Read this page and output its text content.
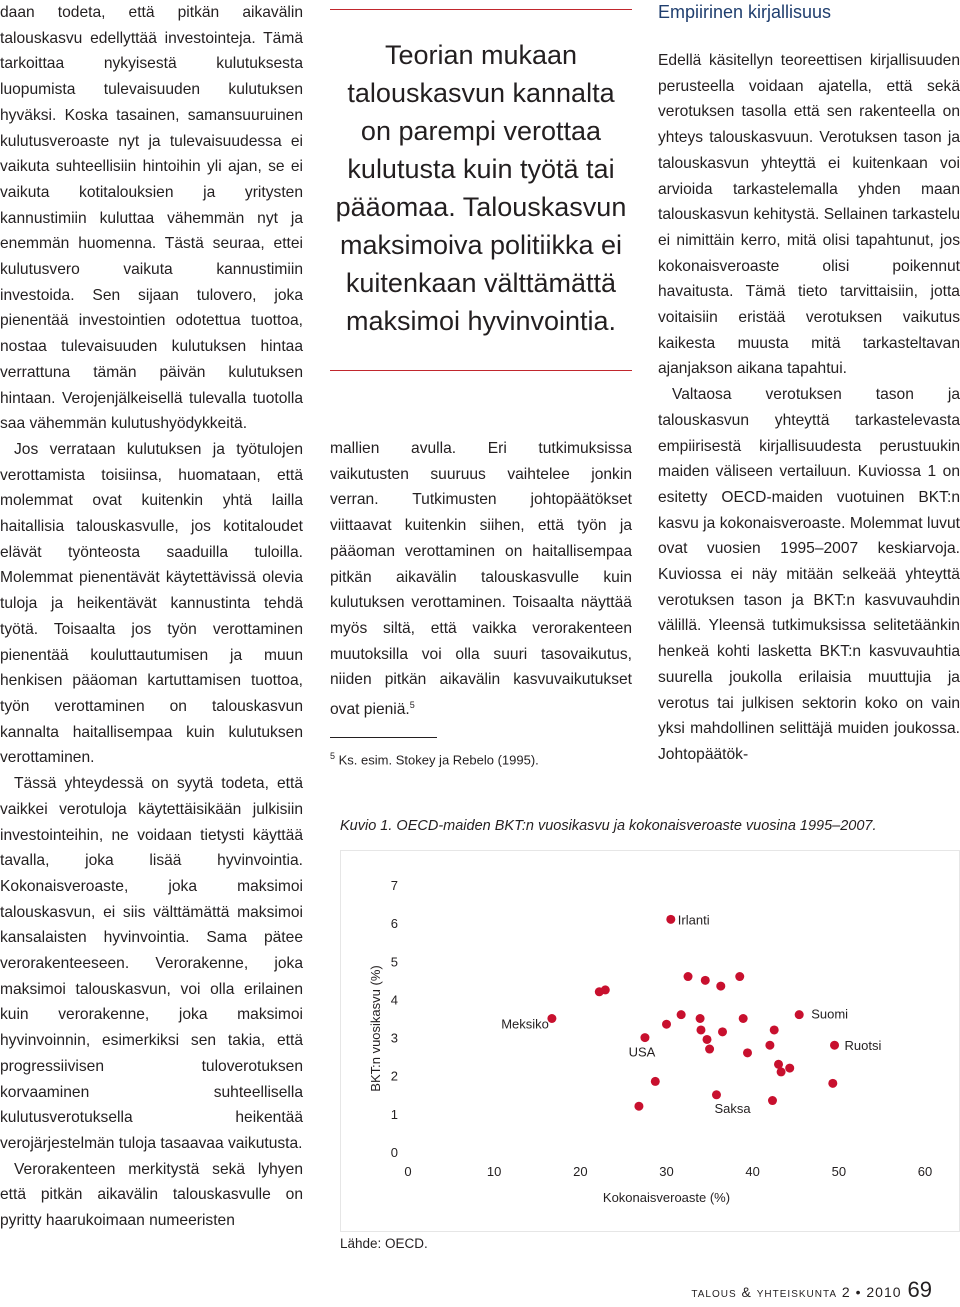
daan todeta, että pitkän aikavälin talouskasvu edellyttää investointeja. Tämä tarkoittaa nykyisestä kulutuksesta luopumista tulevaisuuden kulutuksen hyväksi. Koska tasainen, samansuuruinen kulutusveroaste nyt ja tulevaisuudessa ei vaikuta suhteellisiin hintoihin yli ajan, se ei vaikuta kotitalouksien ja yritysten kannustimiin kuluttaa vähemmän nyt ja enemmän huomenna. Tästä seuraa, ettei kulutusvero vaikuta kannustimiin investoida. Sen sijaan tulovero, joka pienentää investointien odotettua tuottoa, nostaa tulevaisuuden kulutuksen hintaa verrattuna tämän päivän kulutuksen hintaan. Verojenjälkeisellä tulevalla tuotolla saa vähemmän kulutushyödykkeitä.

Jos verrataan kulutuksen ja työtulojen verottamista toisiinsa, huomataan, että molemmat ovat kuitenkin yhtä lailla haitallisia talouskasvulle, jos kotitaloudet elävät työnteosta saaduilla tuloilla. Molemmat pienentävät käytettävissä olevia tuloja ja heikentävät kannustinta tehdä työtä. Toisaalta jos työn verottaminen pienentää kouluttautumisen ja muun henkisen pääoman kartuttamisen tuottoa, työn verottaminen on talouskasvun kannalta haitallisempaa kuin kulutuksen verottaminen.

Tässä yhteydessä on syytä todeta, että vaikkei verotuloja käytettäisikään julkisiin investointeihin, ne voidaan tietysti käyttää tavalla, joka lisää hyvinvointia. Kokonaisveroaste, joka maksimoi talouskasvun, ei siis välttämättä maksimoi kansalaisten hyvinvointia. Sama pätee verorakenteeseen. Verorakenne, joka maksimoi talouskasvun, voi olla erilainen kuin verorakenne, joka maksimoi hyvinvoinnin, esimerkiksi sen takia, että progressiivisen tuloverotuksen korvaaminen suhteellisella kulutusverotuksella heikentää verojärjestelmän tuloja tasaavaa vaikutusta.

Verorakenteen merkitystä sekä lyhyen että pitkän aikavälin talouskasvulle on pyritty haarukoimaan numeeristen

Teorian mukaan talouskasvun kannalta on parempi verottaa kulutusta kuin työtä tai pääomaa. Talouskasvun maksimoiva politiikka ei kuitenkaan välttämättä maksimoi hyvinvointia.

mallien avulla. Eri tutkimuksissa vaikutusten suuruus vaihtelee jonkin verran. Tutkimusten johtopäätökset viittaavat kuitenkin siihen, että työn ja pääoman verottaminen on haitallisempaa pitkän aikavälin talouskasvulle kuin kulutuksen verottaminen. Toisaalta näyttää myös siltä, että vaikka verorakenteen muutoksilla voi olla suuri tasovaikutus, niiden pitkän aikavälin kasvuvaikutukset ovat pieniä.$^5$

$^5$ Ks. esim. Stokey ja Rebelo (1995).
Empiirinen kirjallisuus

Edellä käsitellyn teoreettisen kirjallisuuden perusteella voidaan ajatella, että sekä verotuksen tasolla että sen rakenteella on yhteys talouskasvuun. Verotuksen tason ja talouskasvun yhteyttä ei kuitenkaan voi arvioida tarkastelemalla yhden maan talouskasvun kehitystä. Sellainen tarkastelu ei nimittäin kerro, mitä olisi tapahtunut, jos kokonaisveroaste olisi poikennut havaitusta. Tämä tieto tarvittaisiin, jotta voitaisiin eristää verotuksen vaikutus kaikesta muusta mitä tarkasteltavan ajanjakson aikana tapahtui.

Valtaosa verotuksen tason ja talouskasvun yhteyttä tarkastelevasta empiirisestä kirjallisuudesta perustuukin maiden väliseen vertailuun. Kuviossa 1 on esitetty OECD-maiden vuotuinen BKT:n kasvu ja kokonaisveroaste. Molemmat luvut ovat vuosien 1995–2007 keskiarvoja. Kuviossa ei näy mitään selkeää yhteyttä verotuksen tason ja BKT:n kasvuvauhdin välillä. Yleensä tutkimuksissa selitetäänkin henkeä kohti lasketta BKT:n kasvuvauhtia suurella joukolla erilaisia muuttujia ja verotus tai julkisen sektorin koko on vain yksi mahdollinen selittäjä muiden joukossa. Johtopäätök-

Kuvio 1. OECD-maiden BKT:n vuosikasvu ja kokonaisveroaste vuosina 1995–2007.
0
1
2
3
4
5
6
7
0	10	20	30	40	50	60
Kokonaisveroaste (%)
BKT:n vuosikasvu (%)
Irlanti
Meksiko
USA
Saksa
Suomi
Ruotsi
Lähde: OECD.
talous & yhteiskunta 2 • 2010 69
